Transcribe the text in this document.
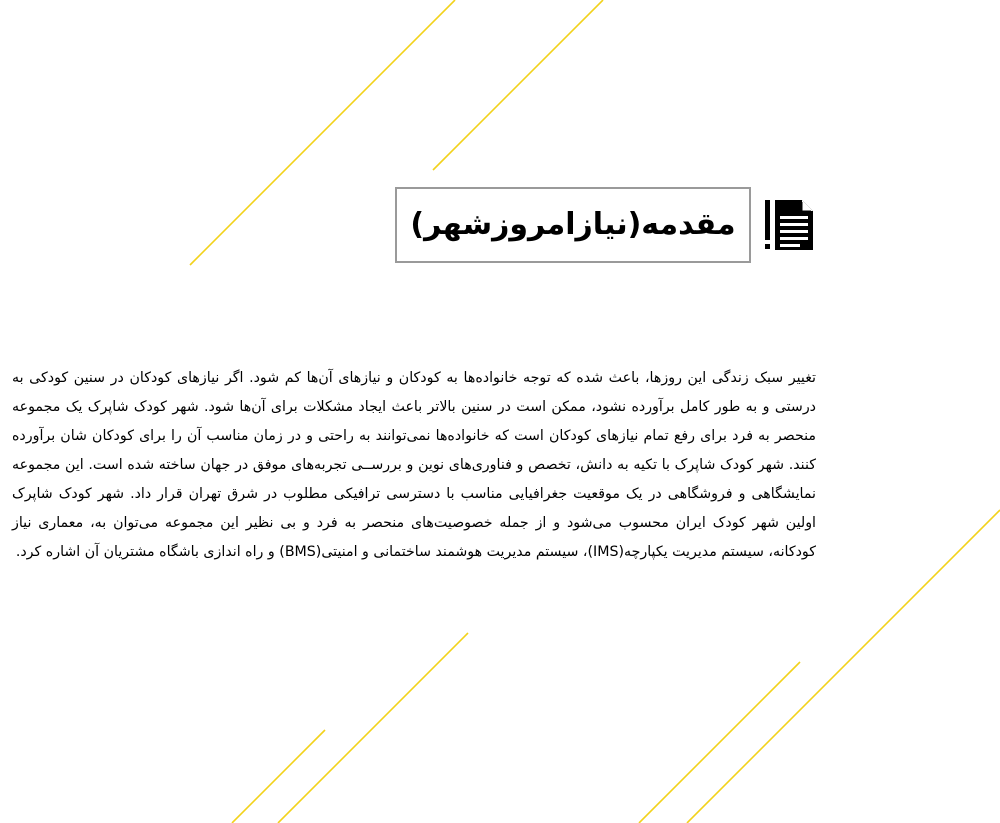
مقدمه(نیازامروزشهر)

تغییر سبک زندگی این روزها، باعث شده که توجه خانواده‌ها به کودکان و نیازهای آن‌ها کم شود. اگر نیازهای کودکان در سنین کودکی به درستی و به طور کامل برآورده نشود، ممکن است در سنین بالاتر باعث ایجاد مشکلات برای آن‌ها شود. شهر کودک شاپرک یک مجموعه منحصر به فرد برای رفع تمام نیازهای کودکان است که خانواده‌ها نمی‌توانند به راحتی و در زمان مناسب آن را برای کودکان شان برآورده کنند. شهر کودک شاپرک با تکیه به دانش، تخصص و فناوری‌های نوین و بررســی تجربه‌های موفق در جهان ساخته شده است. این مجموعه نمایشگاهی و فروشگاهی در یک موقعیت جغرافیایی مناسب با دسترسی ترافیکی مطلوب در شرق تهران قرار داد. شهر کودک شاپرک اولین شهر کودک ایران محسوب می‌شود و از جمله خصوصیت‌های منحصر به فرد و بی نظیر این مجموعه می‌توان به، معماری نیاز کودکانه، سیستم مدیریت یکپارچه(IMS)، سیستم مدیریت هوشمند ساختمانی و امنیتی(BMS) و راه اندازی باشگاه مشتریان آن اشاره کرد.
